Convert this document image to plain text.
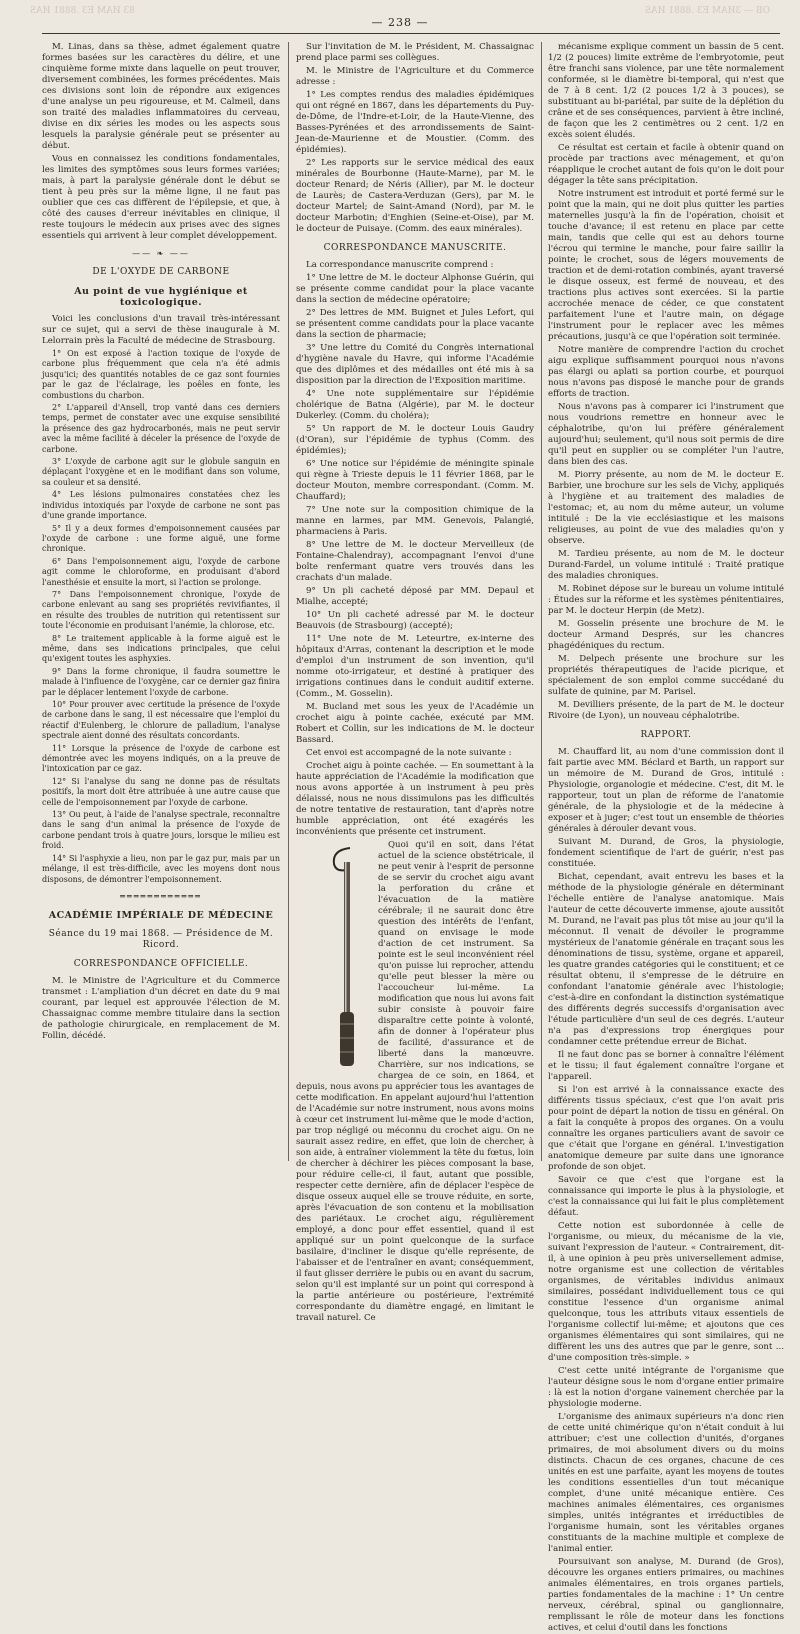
ОВ — 3ИAM ЕЗ .8881 ИAS
8З ИAM ЕЗ .8881 ИAS
— 238 —

M. Linas, dans sa thèse, admet également quatre formes basées sur les caractères du délire, et une cinquième forme mixte dans laquelle on peut trouver, diversement combinées, les formes précédentes. Mais ces divisions sont loin de répondre aux exigences d'une analyse un peu rigoureuse, et M. Calmeil, dans son traité des maladies inflammatoires du cerveau, divise en dix séries les modes ou les aspects sous lesquels la paralysie générale peut se présenter au début.

Vous en connaissez les conditions fondamentales, les limites des symptômes sous leurs formes variées; mais, à part la paralysie générale dont le début se tient à peu près sur la même ligne, il ne faut pas oublier que ces cas diffèrent de l'épilepsie, et que, à côté des causes d'erreur inévitables en clinique, il reste toujours le médecin aux prises avec des signes essentiels qui arrivent à leur complet développement.

—— ❧ ——

DE L'OXYDE DE CARBONE

Au point de vue hygiénique et toxicologique.

Voici les conclusions d'un travail très-intéressant sur ce sujet, qui a servi de thèse inaugurale à M. Lelorrain près la Faculté de médecine de Strasbourg.

1° On est exposé à l'action toxique de l'oxyde de carbone plus fréquemment que cela n'a été admis jusqu'ici; des quantités notables de ce gaz sont fournies par le gaz de l'éclairage, les poêles en fonte, les combustions du charbon.

2° L'appareil d'Ansell, trop vanté dans ces derniers temps, permet de constater avec une exquise sensibilité la présence des gaz hydrocarbonés, mais ne peut servir avec la même facilité à déceler la présence de l'oxyde de carbone.

3° L'oxyde de carbone agit sur le globule sanguin en déplaçant l'oxygène et en le modifiant dans son volume, sa couleur et sa densité.

4° Les lésions pulmonaires constatées chez les individus intoxiqués par l'oxyde de carbone ne sont pas d'une grande importance.

5° Il y a deux formes d'empoisonnement causées par l'oxyde de carbone : une forme aiguë, une forme chronique.

6° Dans l'empoisonnement aigu, l'oxyde de carbone agit comme le chloroforme, en produisant d'abord l'anesthésie et ensuite la mort, si l'action se prolonge.

7° Dans l'empoisonnement chronique, l'oxyde de carbone enlevant au sang ses propriétés revivifiantes, il en résulte des troubles de nutrition qui retentissent sur toute l'économie en produisant l'anémie, la chlorose, etc.

8° Le traitement applicable à la forme aiguë est le même, dans ses indications principales, que celui qu'exigent toutes les asphyxies.

9° Dans la forme chronique, il faudra soumettre le malade à l'influence de l'oxygène, car ce dernier gaz finira par le déplacer lentement l'oxyde de carbone.

10° Pour prouver avec certitude la présence de l'oxyde de carbone dans le sang, il est nécessaire que l'emploi du réactif d'Eulenberg, le chlorure de palladium, l'analyse spectrale aient donné des résultats concordants.

11° Lorsque la présence de l'oxyde de carbone est démontrée avec les moyens indiqués, on a la preuve de l'intoxication par ce gaz.

12° Si l'analyse du sang ne donne pas de résultats positifs, la mort doit être attribuée à une autre cause que celle de l'empoisonnement par l'oxyde de carbone.

13° Ou peut, à l'aide de l'analyse spectrale, reconnaître dans le sang d'un animal la présence de l'oxyde de carbone pendant trois à quatre jours, lorsque le milieu est froid.

14° Si l'asphyxie a lieu, non par le gaz pur, mais par un mélange, il est très-difficile, avec les moyens dont nous disposons, de démontrer l'empoisonnement.

════════════

ACADÉMIE IMPÉRIALE DE MÉDECINE

Séance du 19 mai 1868. — Présidence de M. Ricord.

CORRESPONDANCE OFFICIELLE.

M. le Ministre de l'Agriculture et du Commerce transmet : L'ampliation d'un décret en date du 9 mai courant, par lequel est approuvée l'élection de M. Chassaignac comme membre titulaire dans la section de pathologie chirurgicale, en remplacement de M. Follin, décédé.

Sur l'invitation de M. le Président, M. Chassaignac prend place parmi ses collègues.

M. le Ministre de l'Agriculture et du Commerce adresse :

1° Les comptes rendus des maladies épidémiques qui ont régné en 1867, dans les départements du Puy-de-Dôme, de l'Indre-et-Loir, de la Haute-Vienne, des Basses-Pyrénées et des arrondissements de Saint-Jean-de-Maurienne et de Moustier. (Comm. des épidémies).

2° Les rapports sur le service médical des eaux minérales de Bourbonne (Haute-Marne), par M. le docteur Renard; de Néris (Allier), par M. le docteur de Laurès; de Castera-Verduzan (Gers), par M. le docteur Martel; de Saint-Amand (Nord), par M. le docteur Marbotin; d'Enghien (Seine-et-Oise), par M. le docteur de Puisaye. (Comm. des eaux minérales).

CORRESPONDANCE MANUSCRITE.

La correspondance manuscrite comprend :

1° Une lettre de M. le docteur Alphonse Guérin, qui se présente comme candidat pour la place vacante dans la section de médecine opératoire;

2° Des lettres de MM. Buignet et Jules Lefort, qui se présentent comme candidats pour la place vacante dans la section de pharmacie;

3° Une lettre du Comité du Congrès international d'hygiène navale du Havre, qui informe l'Académie que des diplômes et des médailles ont été mis à sa disposition par la direction de l'Exposition maritime.

4° Une note supplémentaire sur l'épidémie cholérique de Batna (Algérie), par M. le docteur Dukerley. (Comm. du choléra);

5° Un rapport de M. le docteur Louis Gaudry (d'Oran), sur l'épidémie de typhus (Comm. des épidémies);

6° Une notice sur l'épidémie de méningite spinale qui règne à Trieste depuis le 11 février 1868, par le docteur Mouton, membre correspondant. (Comm. M. Chauffard);

7° Une note sur la composition chimique de la manne en larmes, par MM. Genevois, Palangié, pharmaciens à Paris.

8° Une lettre de M. le docteur Merveilleux (de Fontaine-Chalendray), accompagnant l'envoi d'une boîte renfermant quatre vers trouvés dans les crachats d'un malade.

9° Un pli cacheté déposé par MM. Depaul et Mialhe, accepté;

10° Un pli cacheté adressé par M. le docteur Beauvois (de Strasbourg) (accepté);

11° Une note de M. Leteurtre, ex-interne des hôpitaux d'Arras, contenant la description et le mode d'emploi d'un instrument de son invention, qu'il nomme oto-irrigateur, et destiné à pratiquer des irrigations continues dans le conduit auditif externe. (Comm., M. Gosselin).

M. Bucland met sous les yeux de l'Académie un crochet aigu à pointe cachée, exécuté par MM. Robert et Collin, sur les indications de M. le docteur Bassard.

Cet envoi est accompagné de la note suivante :

Crochet aigu à pointe cachée. — En soumettant à la haute appréciation de l'Académie la modification que nous avons apportée à un instrument à peu près délaissé, nous ne nous dissimulons pas les difficultés de notre tentative de restauration, tant d'après notre humble appréciation, ont été exagérés les inconvénients que présente cet instrument.

Quoi qu'il en soit, dans l'état actuel de la science obstétricale, il ne peut venir à l'esprit de personne de se servir du crochet aigu avant la perforation du crâne et l'évacuation de la matière cérébrale; il ne saurait donc être question des intérêts de l'enfant, quand on envisage le mode d'action de cet instrument. Sa pointe est le seul inconvénient réel qu'on puisse lui reprocher, attendu qu'elle peut blesser la mère ou l'accoucheur lui-même. La modification que nous lui avons fait subir consiste à pouvoir faire disparaître cette pointe à volonté, afin de donner à l'opérateur plus de facilité, d'assurance et de liberté dans la manœuvre. Charrière, sur nos indications, se chargea de ce soin, en 1864, et depuis, nous avons pu apprécier tous les avantages de cette modification. En appelant aujourd'hui l'attention de l'Académie sur notre instrument, nous avons moins à cœur cet instrument lui-même que le mode d'action, par trop négligé ou méconnu du crochet aigu. On ne saurait assez redire, en effet, que loin de chercher, à son aide, à entraîner violemment la tête du fœtus, loin de chercher à déchirer les pièces composant la base, pour réduire celle-ci, il faut, autant que possible, respecter cette dernière, afin de déplacer l'espèce de disque osseux auquel elle se trouve réduite, en sorte, après l'évacuation de son contenu et la mobilisation des pariétaux. Le crochet aigu, régulièrement employé, a donc pour effet essentiel, quand il est appliqué sur un point quelconque de la surface basilaire, d'incliner le disque qu'elle représente, de l'abaisser et de l'entraîner en avant; conséquemment, il faut glisser derrière le pubis ou en avant du sacrum, selon qu'il est implanté sur un point qui correspond à la partie antérieure ou postérieure, l'extrémité correspondante du diamètre engagé, en limitant le travail naturel. Ce

mécanisme explique comment un bassin de 5 cent. 1/2 (2 pouces) limite extrême de l'embryotomie, peut être franchi sans violence, par une tête normalement conformée, si le diamètre bi-temporal, qui n'est que de 7 à 8 cent. 1/2 (2 pouces 1/2 à 3 pouces), se substituant au bi-pariétal, par suite de la déplétion du crâne et de ses conséquences, parvient à être incliné, de façon que les 2 centimètres ou 2 cent. 1/2 en excès soient éludés.

Ce résultat est certain et facile à obtenir quand on procède par tractions avec ménagement, et qu'on réapplique le crochet autant de fois qu'on le doit pour dégager la tête sans précipitation.

Notre instrument est introduit et porté fermé sur le point que la main, qui ne doit plus quitter les parties maternelles jusqu'à la fin de l'opération, choisit et touche d'avance; il est retenu en place par cette main, tandis que celle qui est au dehors tourne l'écrou qui termine le manche, pour faire saillir la pointe; le crochet, sous de légers mouvements de traction et de demi-rotation combinés, ayant traversé le disque osseux, est fermé de nouveau, et des tractions plus actives sont exercées. Si la partie accrochée menace de céder, ce que constatent parfaitement l'une et l'autre main, on dégage l'instrument pour le replacer avec les mêmes précautions, jusqu'à ce que l'opération soit terminée.

Notre manière de comprendre l'action du crochet aigu explique suffisamment pourquoi nous n'avons pas élargi ou aplati sa portion courbe, et pourquoi nous n'avons pas disposé le manche pour de grands efforts de traction.

Nous n'avons pas à comparer ici l'instrument que nous voudrions remettre en honneur avec le céphalotribe, qu'on lui préfère généralement aujourd'hui; seulement, qu'il nous soit permis de dire qu'il peut en supplier ou se compléter l'un l'autre, dans bien des cas.

M. Piorry présente, au nom de M. le docteur E. Barbier, une brochure sur les sels de Vichy, appliqués à l'hygiène et au traitement des maladies de l'estomac; et, au nom du même auteur, un volume intitulé : De la vie ecclésiastique et les maisons religieuses, au point de vue des maladies qu'on y observe.

M. Tardieu présente, au nom de M. le docteur Durand-Fardel, un volume intitulé : Traité pratique des maladies chroniques.

M. Robinet dépose sur le bureau un volume intitulé : Études sur la réforme et les systèmes pénitentiaires, par M. le docteur Herpin (de Metz).

M. Gosselin présente une brochure de M. le docteur Armand Després, sur les chancres phagédéniques du rectum.

M. Delpech présente une brochure sur les propriétés thérapeutiques de l'acide picrique, et spécialement de son emploi comme succédané du sulfate de quinine, par M. Parisel.

M. Devilliers présente, de la part de M. le docteur Rivoire (de Lyon), un nouveau céphalotribe.

RAPPORT.

M. Chauffard lit, au nom d'une commission dont il fait partie avec MM. Béclard et Barth, un rapport sur un mémoire de M. Durand de Gros, intitulé : Physiologie, organologie et médecine. C'est, dit M. le rapporteur, tout un plan de réforme de l'anatomie générale, de la physiologie et de la médecine à exposer et à juger; c'est tout un ensemble de théories générales à dérouler devant vous.

Suivant M. Durand, de Gros, la physiologie, fondement scientifique de l'art de guérir, n'est pas constituée.

Bichat, cependant, avait entrevu les bases et la méthode de la physiologie générale en déterminant l'échelle entière de l'analyse anatomique. Mais l'auteur de cette découverte immense, ajoute aussitôt M. Durand, ne l'avait pas plus tôt mise au jour qu'il la méconnut. Il venait de dévoiler le programme mystérieux de l'anatomie générale en traçant sous les dénominations de tissu, système, organe et appareil, les quatre grandes catégories qui le constituent; et ce résultat obtenu, il s'empresse de le détruire en confondant l'anatomie générale avec l'histologie; c'est-à-dire en confondant la distinction systématique des différents degrés successifs d'organisation avec l'étude particulière d'un seul de ces degrés. L'auteur n'a pas d'expressions trop énergiques pour condamner cette prétendue erreur de Bichat.

Il ne faut donc pas se borner à connaître l'élément et le tissu; il faut également connaître l'organe et l'appareil.

Si l'on est arrivé à la connaissance exacte des différents tissus spéciaux, c'est que l'on avait pris pour point de départ la notion de tissu en général. On a fait la conquête à propos des organes. On a voulu connaître les organes particuliers avant de savoir ce que c'était que l'organe en général. L'investigation anatomique demeure par suite dans une ignorance profonde de son objet.

Savoir ce que c'est que l'organe est la connaissance qui importe le plus à la physiologie, et c'est la connaissance qui lui fait le plus complètement défaut.

Cette notion est subordonnée à celle de l'organisme, ou mieux, du mécanisme de la vie, suivant l'expression de l'auteur. « Contrairement, dit-il, à une opinion à peu près universellement admise, notre organisme est une collection de véritables organismes, de véritables individus animaux similaires, possédant individuellement tous ce qui constitue l'essence d'un organisme animal quelconque, tous les attributs vitaux essentiels de l'organisme collectif lui-même; et ajoutons que ces organismes élémentaires qui sont similaires, qui ne diffèrent les uns des autres que par le genre, sont ... d'une composition très-simple. »

C'est cette unité intégrante de l'organisme que l'auteur désigne sous le nom d'organe entier primaire : là est la notion d'organe vainement cherchée par la physiologie moderne.

L'organisme des animaux supérieurs n'a donc rien de cette unité chimérique qu'on n'était conduit à lui attribuer; c'est une collection d'unités, d'organes primaires, de moi absolument divers ou du moins distincts. Chacun de ces organes, chacune de ces unités en est une parfaite, ayant les moyens de toutes les conditions essentielles d'un tout mécanique complet, d'une unité mécanique entière. Ces machines animales élémentaires, ces organismes simples, unités intégrantes et irréductibles de l'organisme humain, sont les véritables organes constituants de la machine multiple et complexe de l'animal entier.

Poursuivant son analyse, M. Durand (de Gros), découvre les organes entiers primaires, ou machines animales élémentaires, en trois organes partiels, parties fondamentales de la machine : 1° Un centre nerveux, cérébral, spinal ou ganglionnaire, remplissant le rôle de moteur dans les fonctions actives, et celui d'outil dans les fonctions
